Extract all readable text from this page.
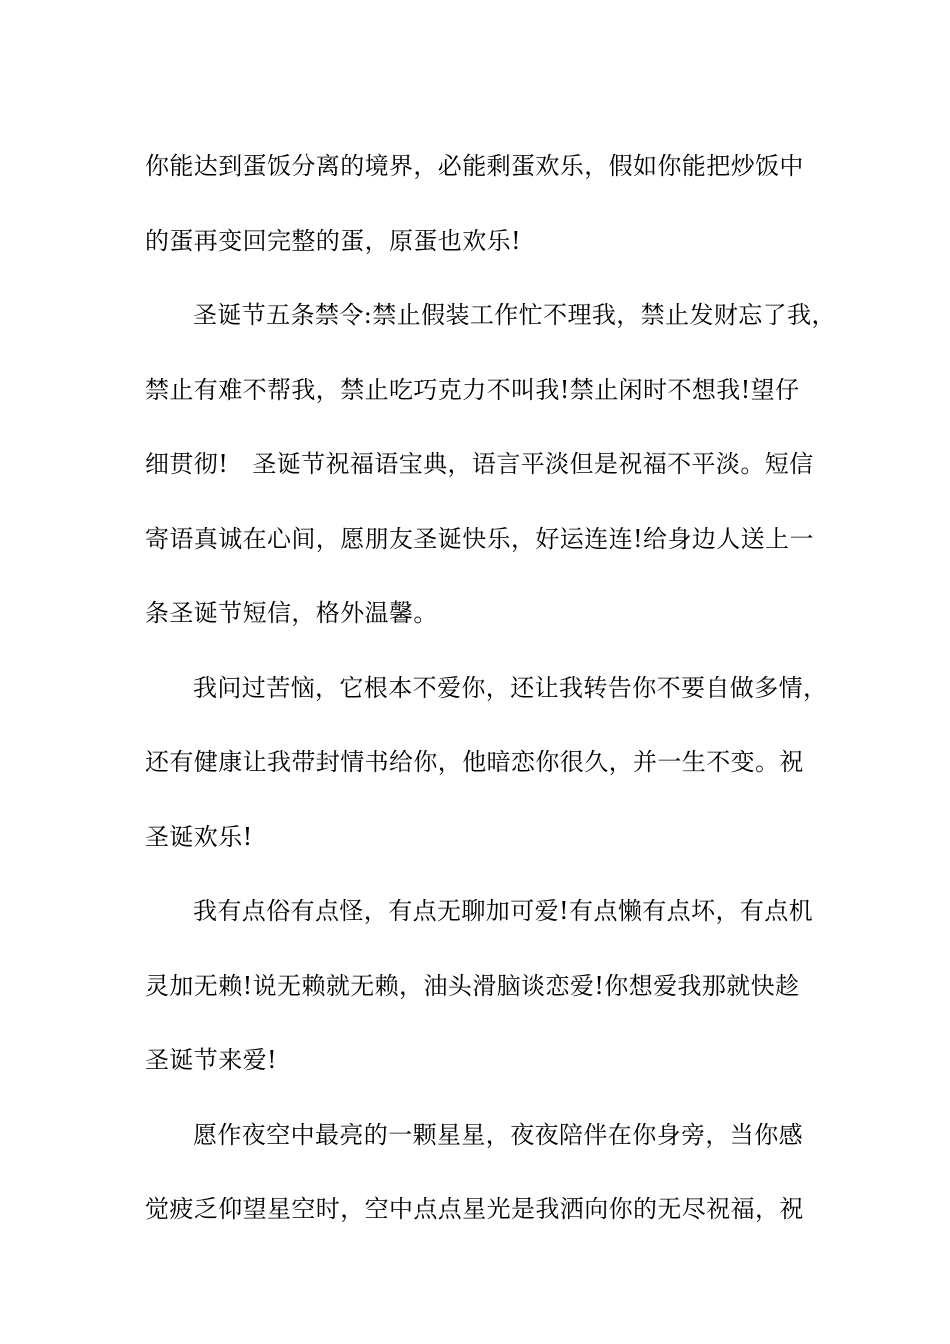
你能达到蛋饭分离的境界，必能剩蛋欢乐，假如你能把炒饭中
的蛋再变回完整的蛋，原蛋也欢乐!
圣诞节五条禁令:禁止假装工作忙不理我，禁止发财忘了我，
禁止有难不帮我，禁止吃巧克力不叫我!禁止闲时不想我!望仔
细贯彻!   圣诞节祝福语宝典，语言平淡但是祝福不平淡。短信
寄语真诚在心间，愿朋友圣诞快乐，好运连连!给身边人送上一
条圣诞节短信，格外温馨。
我问过苦恼，它根本不爱你，还让我转告你不要自做多情，
还有健康让我带封情书给你，他暗恋你很久，并一生不变。祝
圣诞欢乐!
我有点俗有点怪，有点无聊加可爱!有点懒有点坏，有点机
灵加无赖!说无赖就无赖，油头滑脑谈恋爱!你想爱我那就快趁
圣诞节来爱!
愿作夜空中最亮的一颗星星，夜夜陪伴在你身旁，当你感
觉疲乏仰望星空时，空中点点星光是我洒向你的无尽祝福，祝
